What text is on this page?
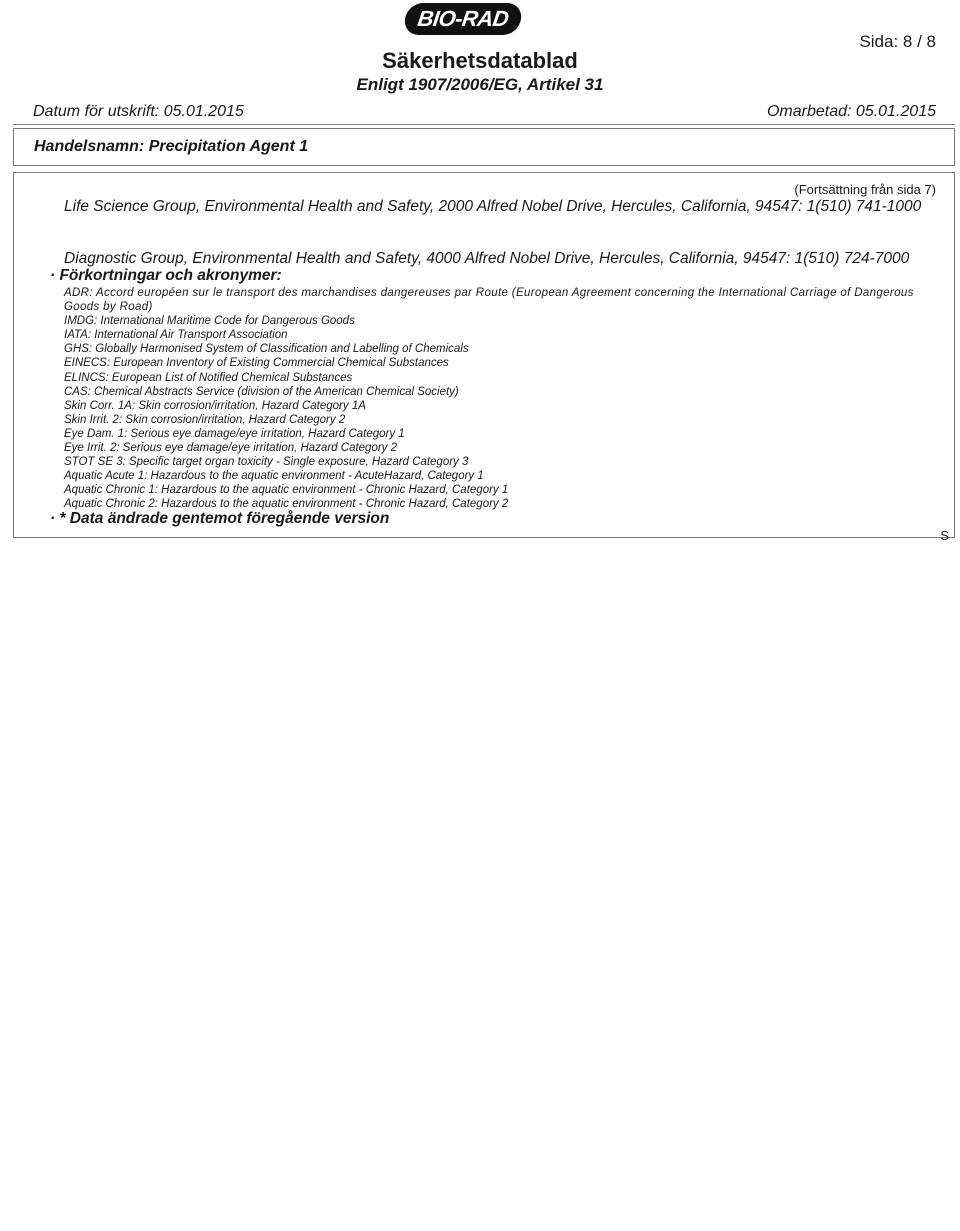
BIO-RAD
Sida: 8 / 8
Säkerhetsdatablad
Enligt 1907/2006/EG, Artikel 31
Datum för utskrift: 05.01.2015	Omarbetad: 05.01.2015
Handelsnamn: Precipitation Agent 1
(Fortsättning från sida 7)
Life Science Group, Environmental Health and Safety, 2000 Alfred Nobel Drive, Hercules, California, 94547: 1(510) 741-1000
Diagnostic Group, Environmental Health and Safety, 4000 Alfred Nobel Drive, Hercules, California, 94547: 1(510) 724-7000
· Förkortningar och akronymer:
ADR: Accord européen sur le transport des marchandises dangereuses par Route (European Agreement concerning the International Carriage of Dangerous Goods by Road)
IMDG: International Maritime Code for Dangerous Goods
IATA: International Air Transport Association
GHS: Globally Harmonised System of Classification and Labelling of Chemicals
EINECS: European Inventory of Existing Commercial Chemical Substances
ELINCS: European List of Notified Chemical Substances
CAS: Chemical Abstracts Service (division of the American Chemical Society)
Skin Corr. 1A: Skin corrosion/irritation, Hazard Category 1A
Skin Irrit. 2: Skin corrosion/irritation, Hazard Category 2
Eye Dam. 1: Serious eye damage/eye irritation, Hazard Category 1
Eye Irrit. 2: Serious eye damage/eye irritation, Hazard Category 2
STOT SE 3: Specific target organ toxicity - Single exposure, Hazard Category 3
Aquatic Acute 1: Hazardous to the aquatic environment - AcuteHazard, Category 1
Aquatic Chronic 1: Hazardous to the aquatic environment - Chronic Hazard, Category 1
Aquatic Chronic 2: Hazardous to the aquatic environment - Chronic Hazard, Category 2
· * Data ändrade gentemot föregående version
S
